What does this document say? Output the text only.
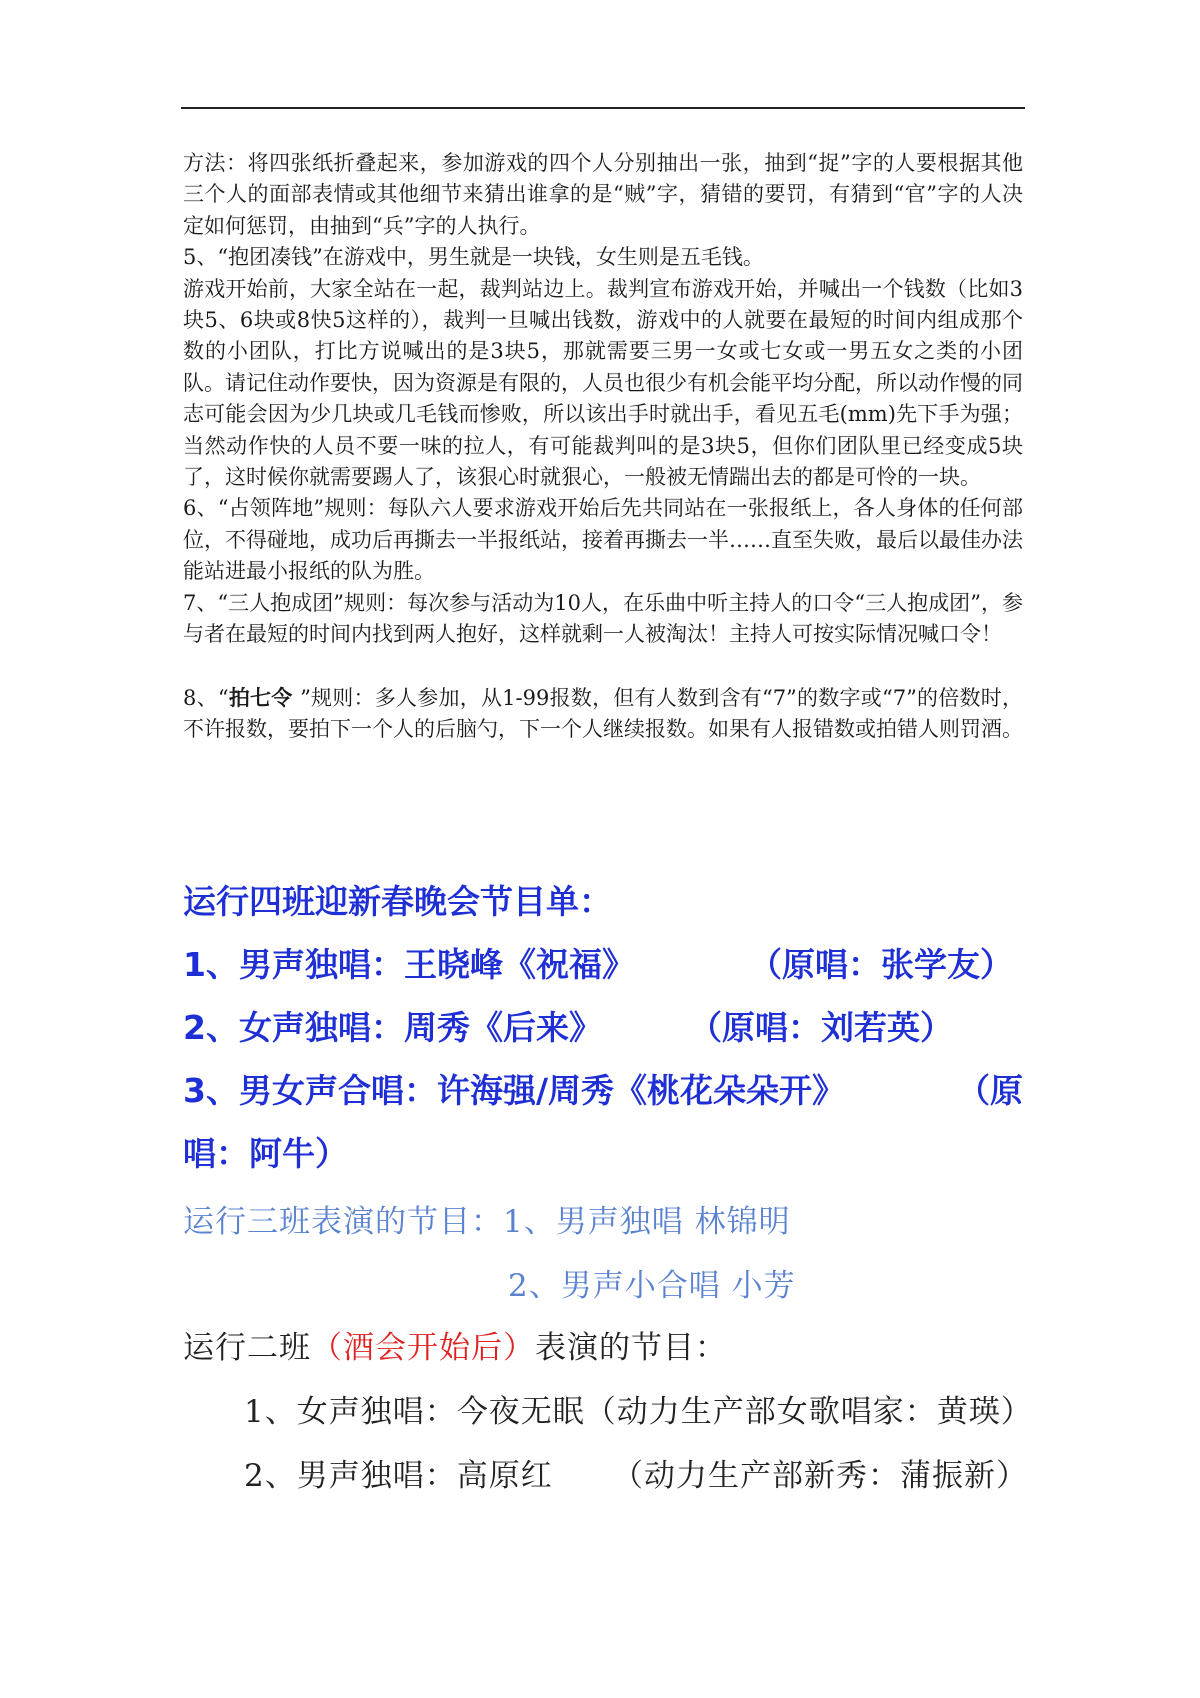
方法：将四张纸折叠起来，参加游戏的四个人分别抽出一张，抽到“捉”字的人要根据其他三个人的面部表情或其他细节来猜出谁拿的是“贼”字，猜错的要罚，有猜到“官”字的人决定如何惩罚，由抽到“兵”字的人执行。

5、“抱团凑钱”在游戏中，男生就是一块钱，女生则是五毛钱。

游戏开始前，大家全站在一起，裁判站边上。裁判宣布游戏开始，并喊出一个钱数（比如3块5、6块或8快5这样的），裁判一旦喊出钱数，游戏中的人就要在最短的时间内组成那个数的小团队，打比方说喊出的是3块5，那就需要三男一女或七女或一男五女之类的小团队。请记住动作要快，因为资源是有限的，人员也很少有机会能平均分配，所以动作慢的同志可能会因为少几块或几毛钱而惨败，所以该出手时就出手，看见五毛(mm)先下手为强；当然动作快的人员不要一味的拉人，有可能裁判叫的是3块5，但你们团队里已经变成5块了，这时候你就需要踢人了，该狠心时就狠心，一般被无情踹出去的都是可怜的一块。

6、“占领阵地”规则：每队六人要求游戏开始后先共同站在一张报纸上，各人身体的任何部位，不得碰地，成功后再撕去一半报纸站，接着再撕去一半……直至失败，最后以最佳办法能站进最小报纸的队为胜。

7、“三人抱成团”规则：每次参与活动为10人，在乐曲中听主持人的口令“三人抱成团”，参与者在最短的时间内找到两人抱好，这样就剩一人被淘汰！主持人可按实际情况喊口令！

8、“拍七令 ”规则：多人参加，从1-99报数，但有人数到含有“7”的数字或“7”的倍数时，不许报数，要拍下一个人的后脑勺，下一个人继续报数。如果有人报错数或拍错人则罚酒。

运行四班迎新春晚会节目单：

1、男声独唱：王晓峰《祝福》	（原唱：张学友）
2、女声独唱：周秀《后来》	（原唱：刘若英）
3、男女声合唱：许海强/周秀《桃花朵朵开》	（原

唱：阿牛）

运行三班表演的节目：1、男声独唱 林锦明
2、男声小合唱 小芳
运行二班（酒会开始后）表演的节目：
1、女声独唱：今夜无眠（动力生产部女歌唱家：黄瑛）
2、男声独唱：高原红 （动力生产部新秀：蒲振新）
